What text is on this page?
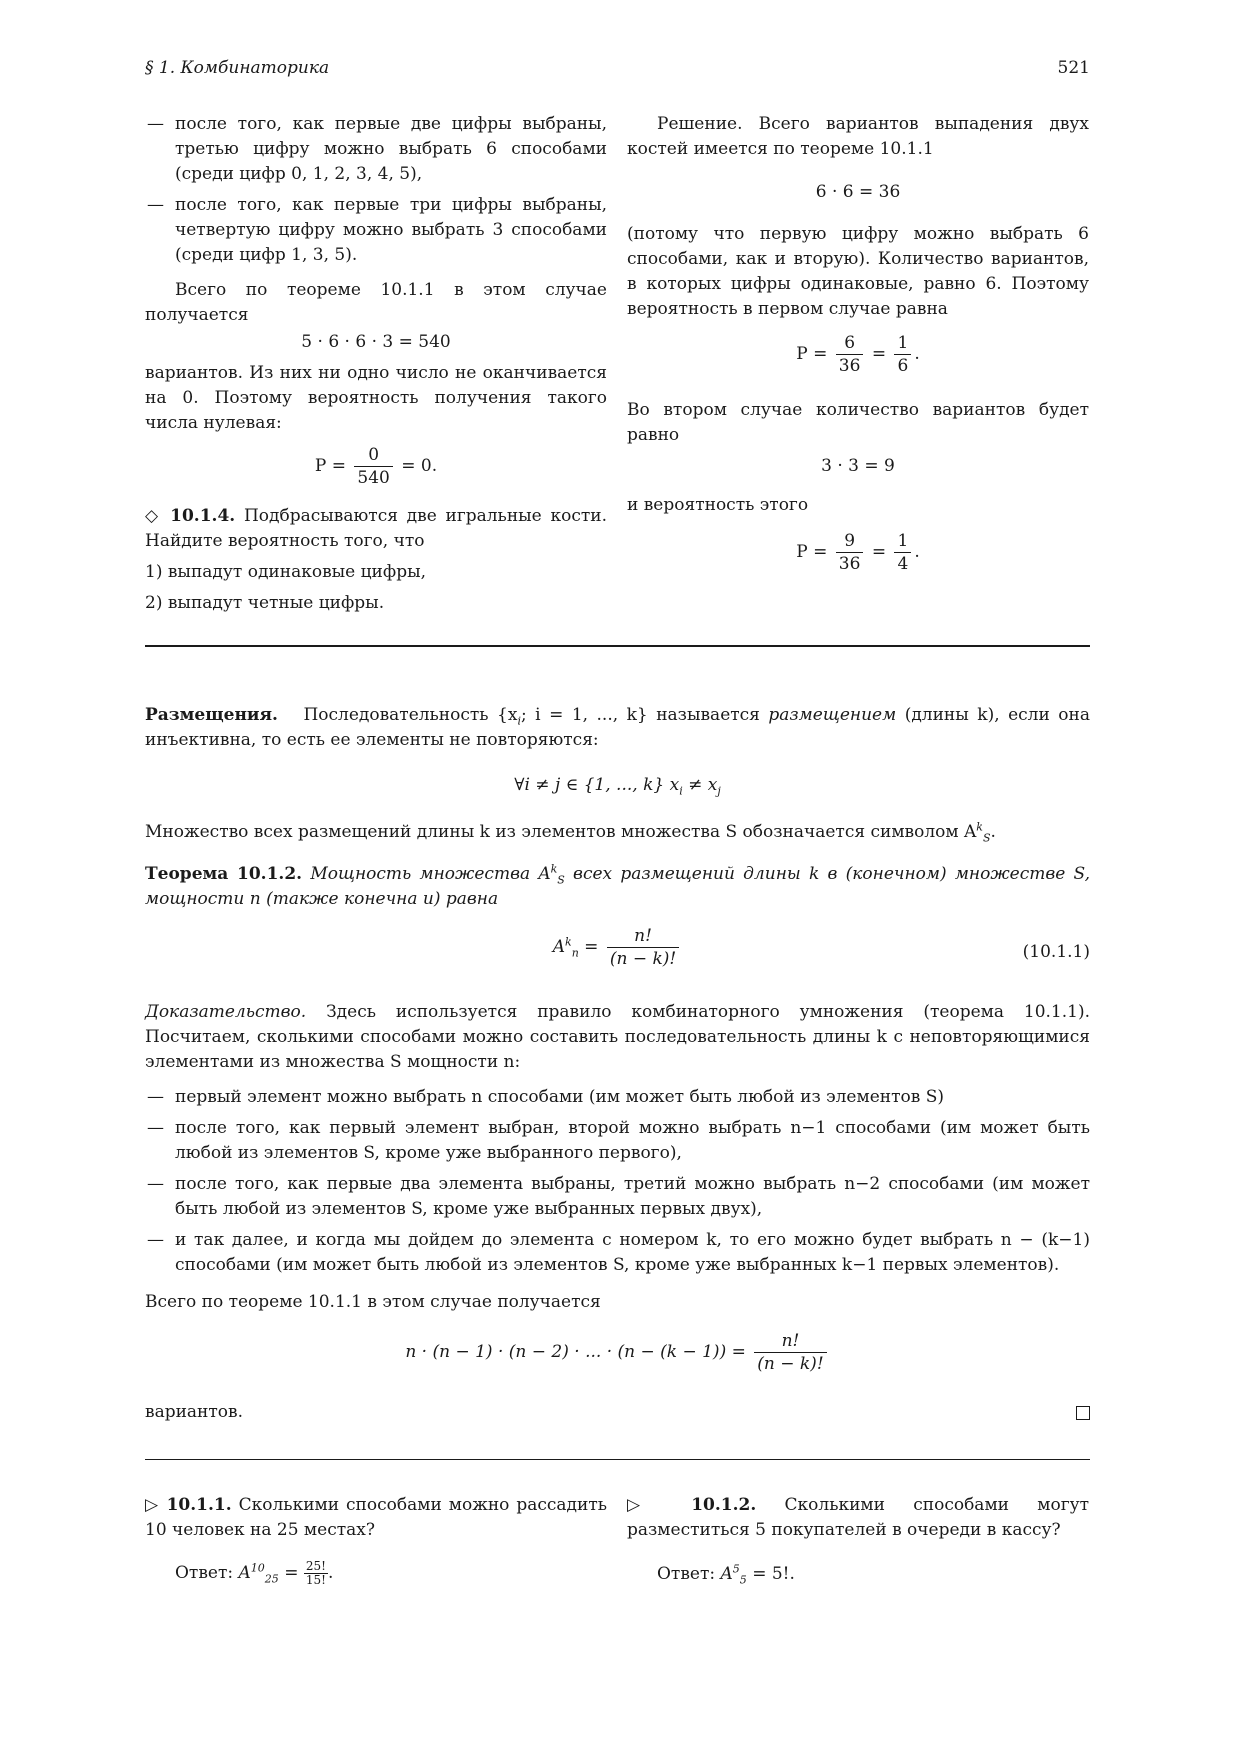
§ 1. Комбинаторика	521
— после того, как первые две цифры выбраны, третью цифру можно выбрать 6 способами (среди цифр 0, 1, 2, 3, 4, 5),
— после того, как первые три цифры выбраны, четвертую цифру можно выбрать 3 способами (среди цифр 1, 3, 5).
Всего по теореме 10.1.1 в этом случае получается
5 · 6 · 6 · 3 = 540
вариантов. Из них ни одно число не оканчивается на 0. Поэтому вероятность получения такого числа нулевая:
$P = \frac{0}{540} = 0$.
◇ 10.1.4. Подбрасываются две игральные кости. Найдите вероятность того, что
1) выпадут одинаковые цифры,
2) выпадут четные цифры.
Решение. Всего вариантов выпадения двух костей имеется по теореме 10.1.1
6 · 6 = 36
(потому что первую цифру можно выбрать 6 способами, как и вторую). Количество вариантов, в которых цифры одинаковые, равно 6. Поэтому вероятность в первом случае равна
$P = \frac{6}{36} = \frac{1}{6}$ .
Во втором случае количество вариантов будет равно
3 · 3 = 9
и вероятность этого
$P = \frac{9}{36} = \frac{1}{4}$ .
Размещения. Последовательность {$x_i$; i = 1, ..., k} называется размещением (длины k), если она инъективна, то есть ее элементы не повторяются:
∀i ≠ j ∈ {1, ..., k} $x_i \ne x_j$
Множество всех размещений длины k из элементов множества S обозначается символом $A^k_S$.
Теорема 10.1.2. Мощность множества $A^k_S$ всех размещений длины k в (конечном) множестве S, мощности n (также конечна и) равна
$A^k_n = \frac{n!}{(n - k)!}$	(10.1.1)
Доказательство. Здесь используется правило комбинаторного умножения (теорема 10.1.1). Посчитаем, сколькими способами можно составить последовательность длины k с неповторяющимися элементами из множества S мощности n:
— первый элемент можно выбрать n способами (им может быть любой из элементов S)
— после того, как первый элемент выбран, второй можно выбрать n−1 способами (им может быть любой из элементов S, кроме уже выбранного первого),
— после того, как первые два элемента выбраны, третий можно выбрать n−2 способами (им может быть любой из элементов S, кроме уже выбранных первых двух),
— и так далее, и когда мы дойдем до элемента с номером k, то его можно будет выбрать n − (k−1) способами (им может быть любой из элементов S, кроме уже выбранных k−1 первых элементов).
Всего по теореме 10.1.1 в этом случае получается
n · (n − 1) · (n − 2) · ... · $(n - (k - 1)) = \frac{n!}{(n - k)!}$
вариантов.
▷ 10.1.1. Сколькими способами можно рассадить 10 человек на 25 местах?
Ответ: $A^{10}_{25} = \frac{25!}{15!}$ .
▷ 10.1.2. Сколькими способами могут разместиться 5 покупателей в очереди в кассу?
Ответ: $A^5_5 = 5$!.
